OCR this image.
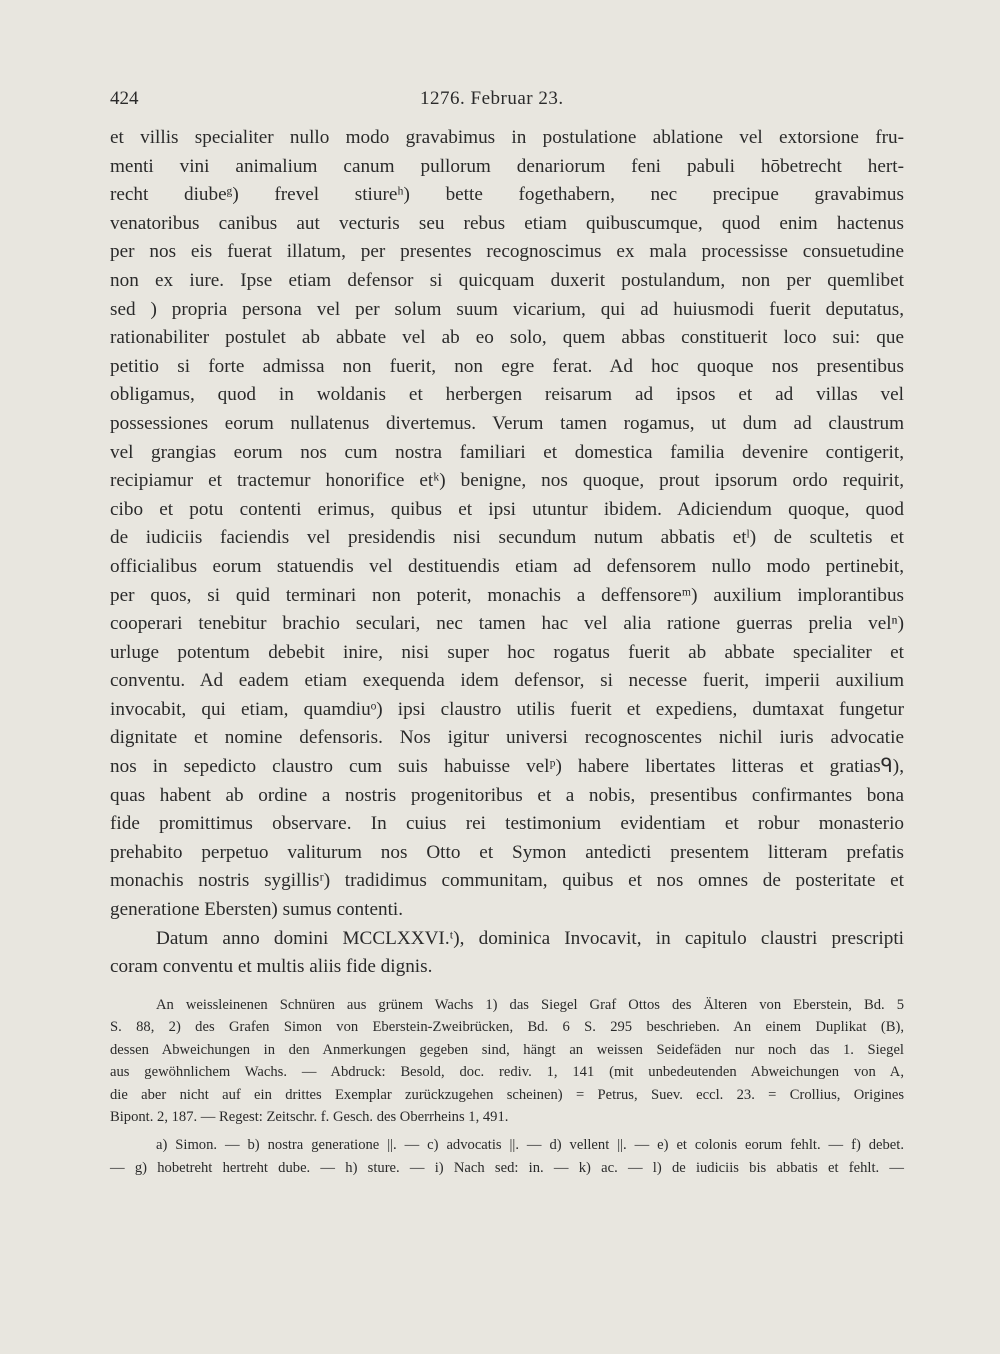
424	1276. Februar 23.
et villis specialiter nullo modo gravabimus in postulatione ablatione vel extorsione fru-
menti vini animalium canum pullorum denariorum feni pabuli hōbetrecht hert-
recht diubeᵍ) frevel stiureʰ) bette fogethabern, nec precipue gravabimus
venatoribus canibus aut vecturis seu rebus etiam quibuscumque, quod enim hactenus
per nos eis fuerat illatum, per presentes recognoscimus ex mala processisse consuetudine
non ex iure. Ipse etiam defensor si quicquam duxerit postulandum, non per quemlibet
sed ) propria persona vel per solum suum vicarium, qui ad huiusmodi fuerit deputatus,
rationabiliter postulet ab abbate vel ab eo solo, quem abbas constituerit loco sui: que
petitio si forte admissa non fuerit, non egre ferat. Ad hoc quoque nos presentibus
obligamus, quod in woldanis et herbergen reisarum ad ipsos et ad villas vel
possessiones eorum nullatenus divertemus. Verum tamen rogamus, ut dum ad claustrum
vel grangias eorum nos cum nostra familiari et domestica familia devenire contigerit,
recipiamur et tractemur honorifice etᵏ) benigne, nos quoque, prout ipsorum ordo requirit,
cibo et potu contenti erimus, quibus et ipsi utuntur ibidem. Adiciendum quoque, quod
de iudiciis faciendis vel presidendis nisi secundum nutum abbatis etˡ) de scultetis et
officialibus eorum statuendis vel destituendis etiam ad defensorem nullo modo pertinebit,
per quos, si quid terminari non poterit, monachis a deffensoreᵐ) auxilium implorantibus
cooperari tenebitur brachio seculari, nec tamen hac vel alia ratione guerras prelia velⁿ)
urluge potentum debebit inire, nisi super hoc rogatus fuerit ab abbate specialiter et
conventu. Ad eadem etiam exequenda idem defensor, si necesse fuerit, imperii auxilium
invocabit, qui etiam, quamdiuᵒ) ipsi claustro utilis fuerit et expediens, dumtaxat fungetur
dignitate et nomine defensoris. Nos igitur universi recognoscentes nichil iuris advocatie
nos in sepedicto claustro cum suis habuisse velᵖ) habere libertates litteras et gratiasᑫ),
quas habent ab ordine a nostris progenitoribus et a nobis, presentibus confirmantes bona
fide promittimus observare. In cuius rei testimonium evidentiam et robur monasterio
prehabito perpetuo valiturum nos Otto et Symon antedicti presentem litteram prefatis
monachis nostris sygillisʳ) tradidimus communitam, quibus et nos omnes de posteritate et
generatione Ebersten) sumus contenti.
Datum anno domini MCCLXXVI.ᵗ), dominica Invocavit, in capitulo claustri prescripti
coram conventu et multis aliis fide dignis.
An weissleinenen Schnüren aus grünem Wachs 1) das Siegel Graf Ottos des Älteren von Eberstein, Bd. 5
S. 88, 2) des Grafen Simon von Eberstein-Zweibrücken, Bd. 6 S. 295 beschrieben. An einem Duplikat (B),
dessen Abweichungen in den Anmerkungen gegeben sind, hängt an weissen Seidefäden nur noch das 1. Siegel
aus gewöhnlichem Wachs. — Abdruck: Besold, doc. rediv. 1, 141 (mit unbedeutenden Abweichungen von A,
die aber nicht auf ein drittes Exemplar zurückzugehen scheinen) = Petrus, Suev. eccl. 23. = Crollius, Origines
Bipont. 2, 187. — Regest: Zeitschr. f. Gesch. des Oberrheins 1, 491.
a) Simon. — b) nostra generatione ||. — c) advocatis ||. — d) vellent ||. — e) et colonis eorum fehlt. — f) debet.
— g) hobetreht hertreht dube. — h) sture. — i) Nach sed: in. — k) ac. — l) de iudiciis bis abbatis et fehlt. —
